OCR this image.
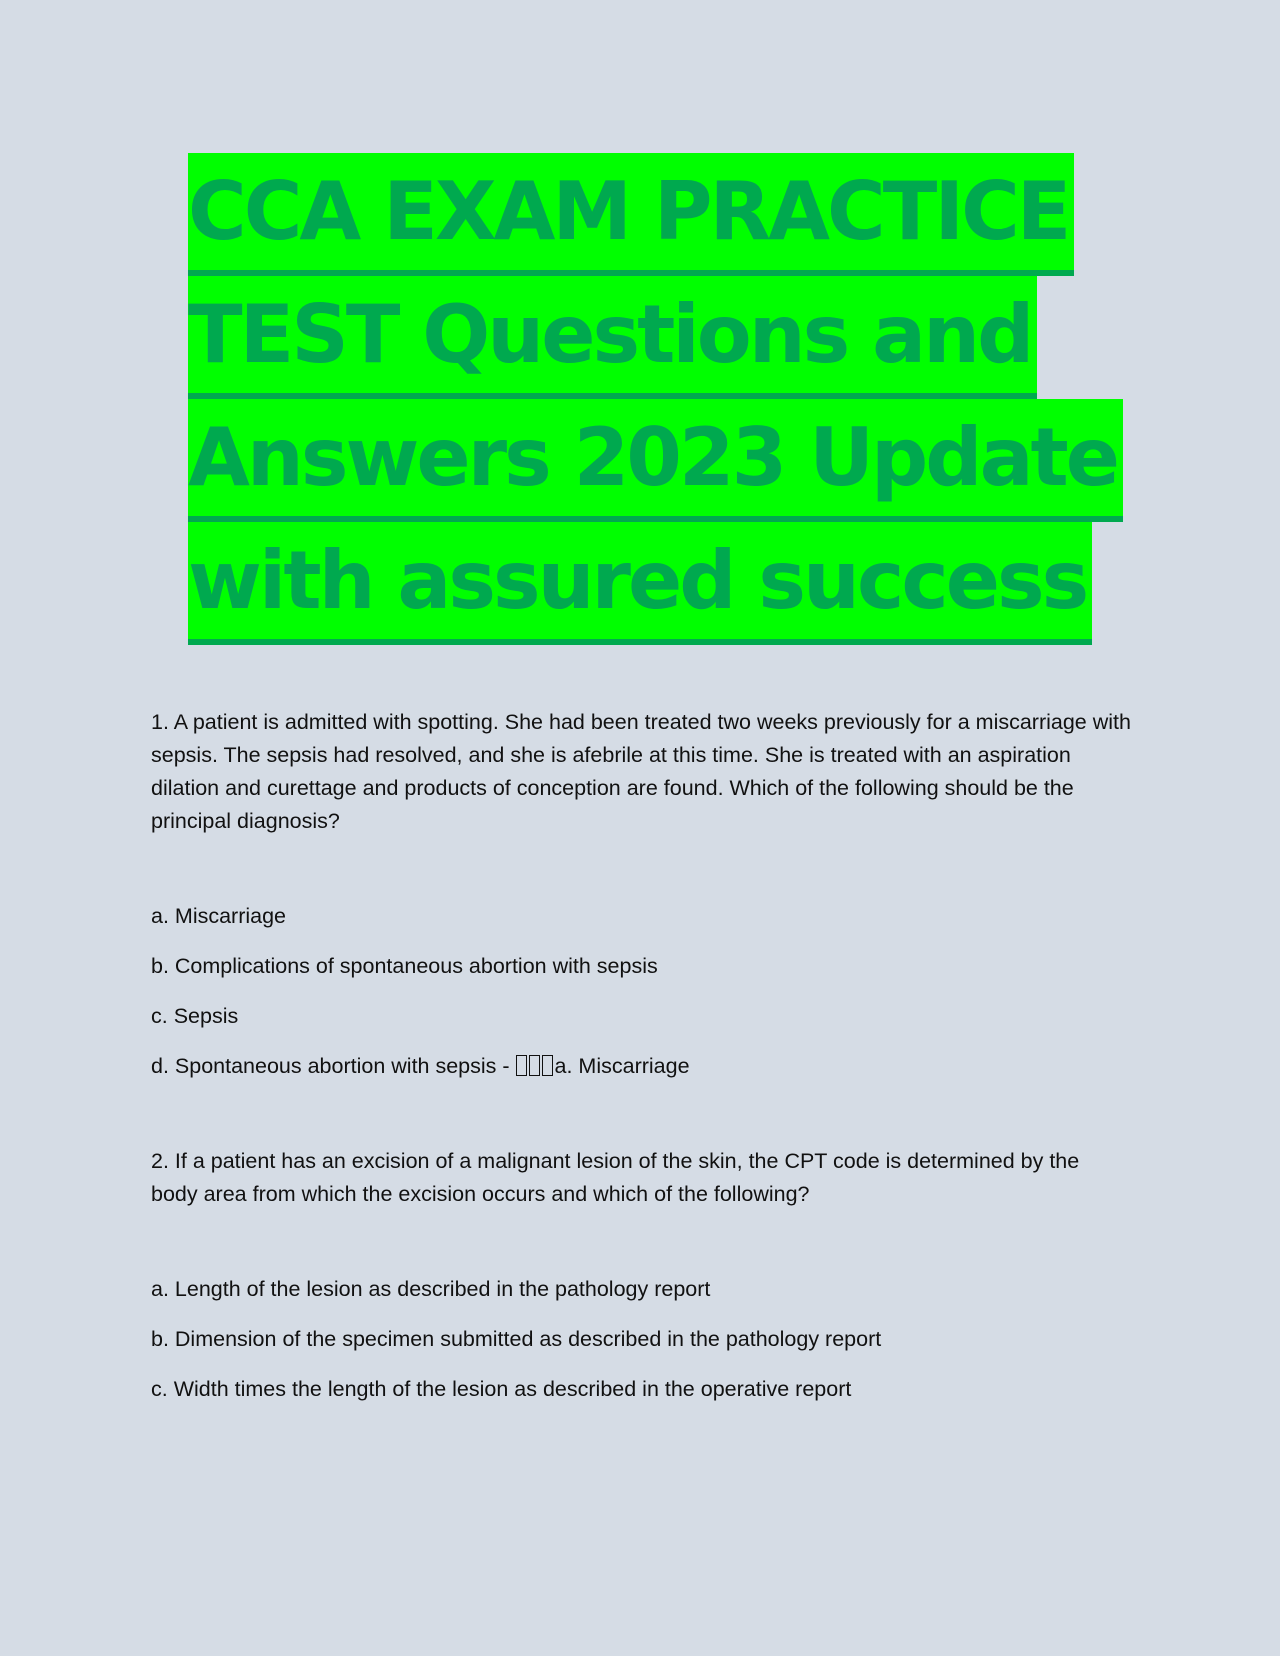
CCA EXAM PRACTICE
TEST Questions and
Answers 2023 Update
with assured success

1. A patient is admitted with spotting. She had been treated two weeks previously for a miscarriage with sepsis. The sepsis had resolved, and she is afebrile at this time. She is treated with an aspiration dilation and curettage and products of conception are found. Which of the following should be the principal diagnosis?

a. Miscarriage

b. Complications of spontaneous abortion with sepsis

c. Sepsis

d. Spontaneous abortion with sepsis - a. Miscarriage

2. If a patient has an excision of a malignant lesion of the skin, the CPT code is determined by the body area from which the excision occurs and which of the following?

a. Length of the lesion as described in the pathology report

b. Dimension of the specimen submitted as described in the pathology report

c. Width times the length of the lesion as described in the operative report
